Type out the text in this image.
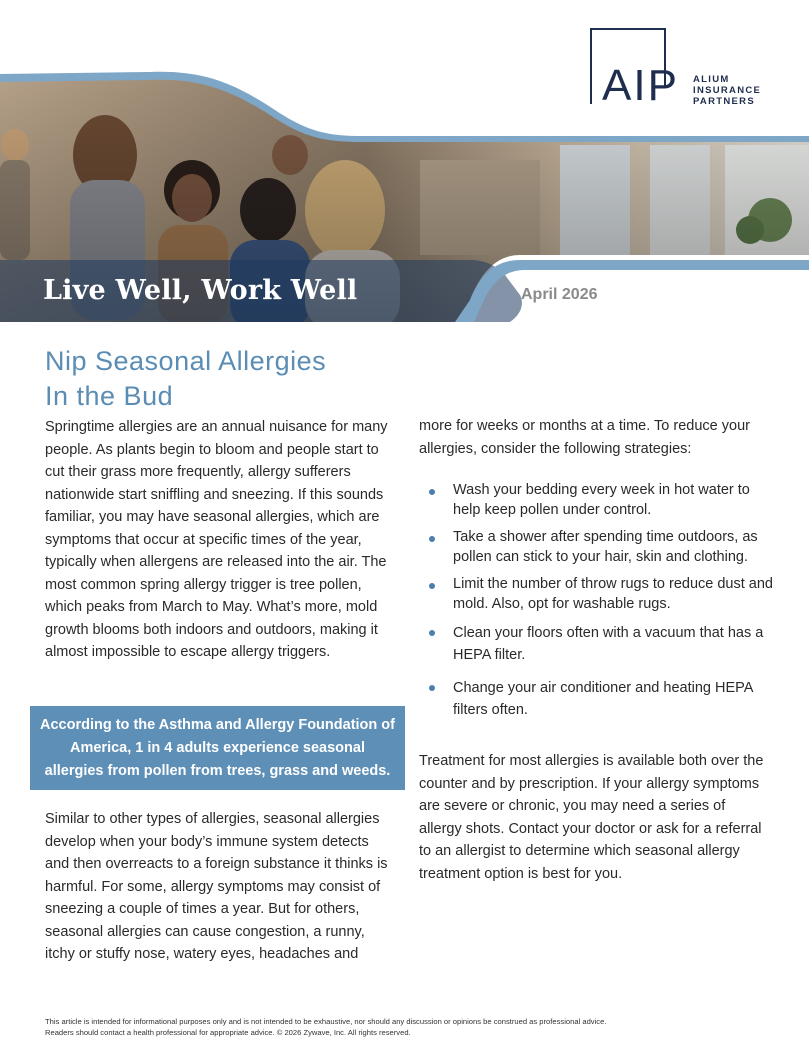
AIP ALIUM
INSURANCE
PARTNERS
Live Well, Work Well	April 2026
Nip Seasonal Allergies
In the Bud

Springtime allergies are an annual nuisance for many people. As plants begin to bloom and people start to cut their grass more frequently, allergy sufferers nationwide start sniffling and sneezing. If this sounds familiar, you may have seasonal allergies, which are symptoms that occur at specific times of the year, typically when allergens are released into the air. The most common spring allergy trigger is tree pollen, which peaks from March to May. What’s more, mold growth blooms both indoors and outdoors, making it almost impossible to escape allergy triggers.

According to the Asthma and Allergy Foundation of America, 1 in 4 adults experience seasonal allergies from pollen from trees, grass and weeds.

Similar to other types of allergies, seasonal allergies develop when your body’s immune system detects and then overreacts to a foreign substance it thinks is harmful. For some, allergy symptoms may consist of sneezing a couple of times a year. But for others, seasonal allergies can cause congestion, a runny, itchy or stuffy nose, watery eyes, headaches and

more for weeks or months at a time. To reduce your allergies, consider the following strategies:

Wash your bedding every week in hot water to help keep pollen under control.
Take a shower after spending time outdoors, as pollen can stick to your hair, skin and clothing.
Limit the number of throw rugs to reduce dust and mold. Also, opt for washable rugs.
Clean your floors often with a vacuum that has a HEPA filter.
Change your air conditioner and heating HEPA filters often.

Treatment for most allergies is available both over the counter and by prescription. If your allergy symptoms are severe or chronic, you may need a series of allergy shots. Contact your doctor or ask for a referral to an allergist to determine which seasonal allergy treatment option is best for you.

This article is intended for informational purposes only and is not intended to be exhaustive, nor should any discussion or opinions be construed as professional advice.
Readers should contact a health professional for appropriate advice. © 2026 Zywave, Inc. All rights reserved.
